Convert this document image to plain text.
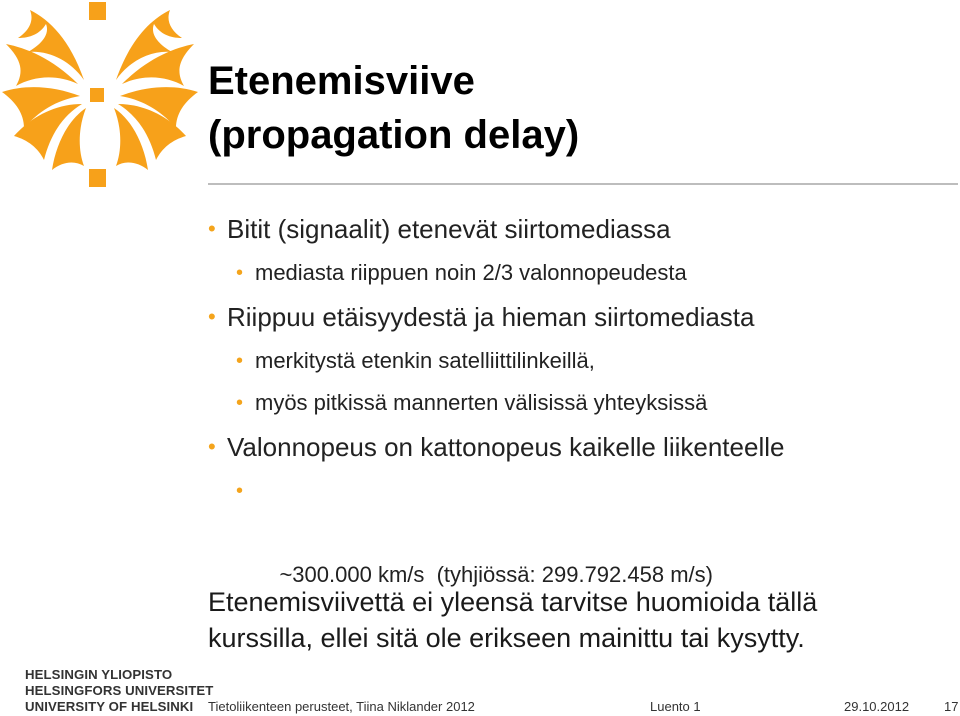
Etenemisviive
(propagation delay)
• Bitit (signaalit) etenevät siirtomediassa
• mediasta riippuen noin 2/3 valonnopeudesta
• Riippuu etäisyydestä ja hieman siirtomediasta
• merkitystä etenkin satelliittilinkeillä,
• myös pitkissä mannerten välisissä yhteyksissä
• Valonnopeus on kattonopeus kaikelle liikenteelle

•

~300.000 km/s  (tyhjiössä: 299.792.458 m/s)

Etenemisviivettä ei yleensä tarvitse huomioida tällä
kurssilla, ellei sitä ole erikseen mainittu tai kysytty.
HELSINGIN YLIOPISTO
HELSINGFORS UNIVERSITET
UNIVERSITY OF HELSINKI	Tietoliikenteen perusteet, Tiina Niklander 2012	Luento 1	29.10.2012	17
